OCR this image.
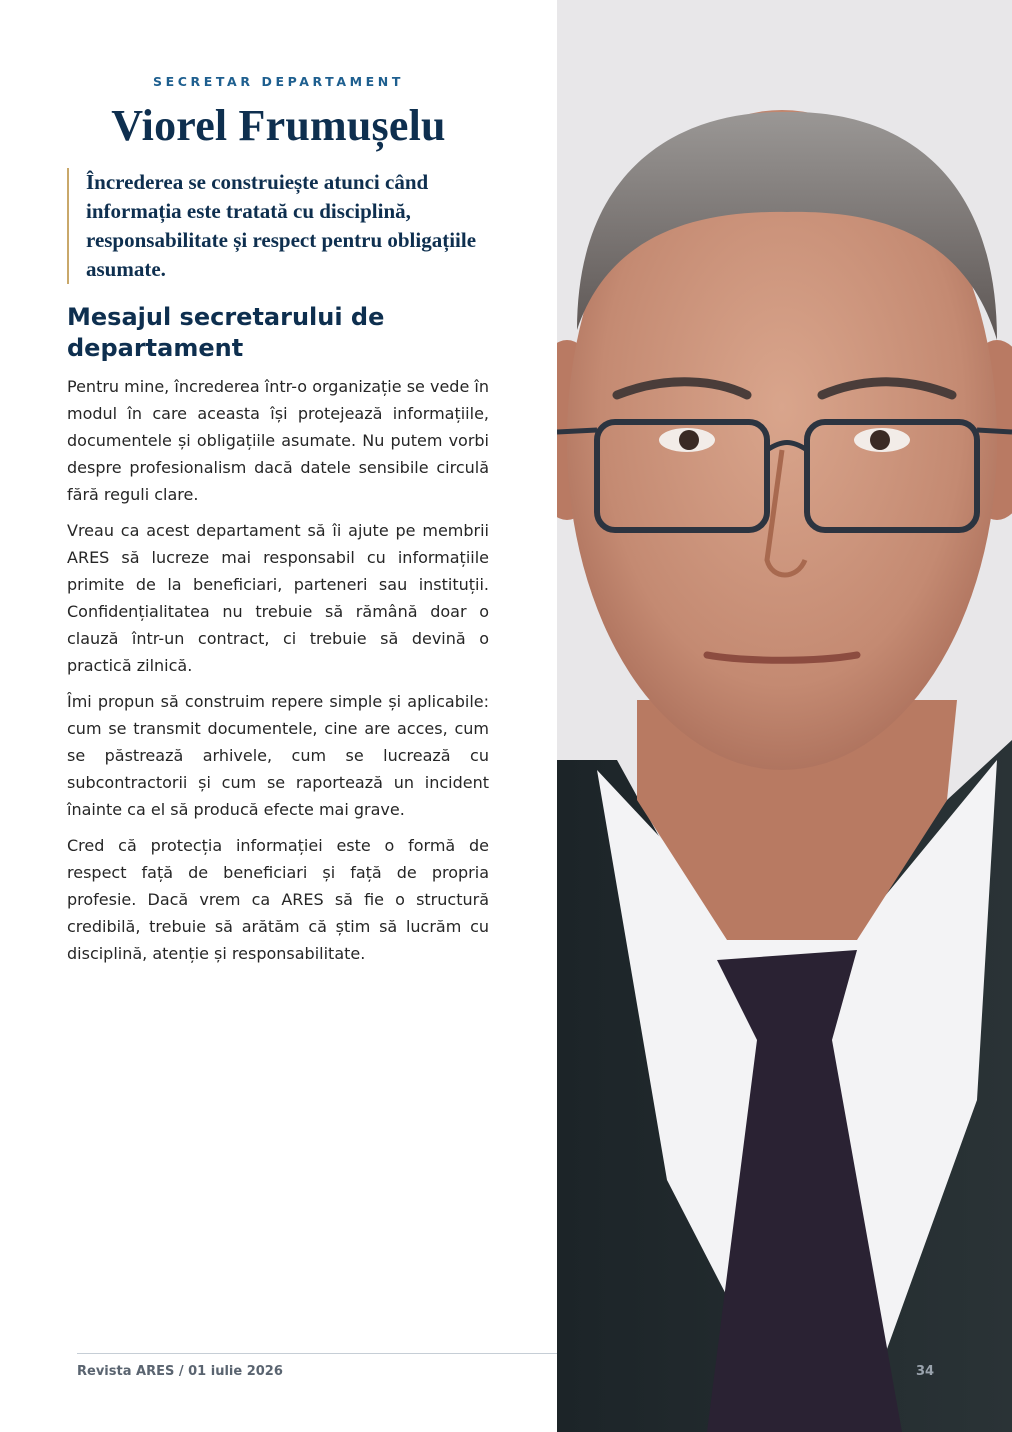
SECRETAR DEPARTAMENT
Viorel Frumușelu
Încrederea se construiește atunci când informația este tratată cu disciplină, responsabilitate și respect pentru obligațiile asumate.
Mesajul secretarului de departament

Pentru mine, încrederea într-o organizație se vede în modul în care aceasta își protejează informațiile, documentele și obligațiile asumate. Nu putem vorbi despre profesionalism dacă datele sensibile circulă fără reguli clare.

Vreau ca acest departament să îi ajute pe membrii ARES să lucreze mai responsabil cu informațiile primite de la beneficiari, parteneri sau instituții. Confidențialitatea nu trebuie să rămână doar o clauză într-un contract, ci trebuie să devină o practică zilnică.

Îmi propun să construim repere simple și aplicabile: cum se transmit documentele, cine are acces, cum se păstrează arhivele, cum se lucrează cu subcontractorii și cum se raportează un incident înainte ca el să producă efecte mai grave.

Cred că protecția informației este o formă de respect față de beneficiari și față de propria profesie. Dacă vrem ca ARES să fie o structură credibilă, trebuie să arătăm că știm să lucrăm cu disciplină, atenție și responsabilitate.

Revista ARES / 01 iulie 2026	34
